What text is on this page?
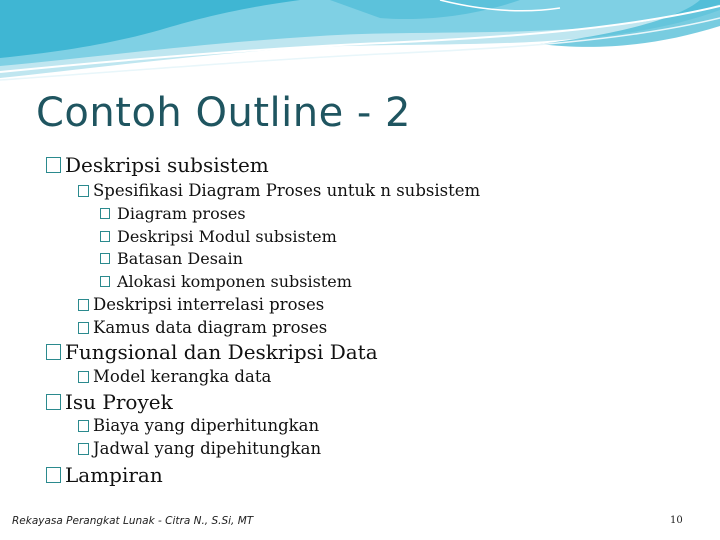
Contoh Outline - 2
Deskripsi subsistem
Spesifikasi Diagram Proses untuk n subsistem
Diagram proses
Deskripsi Modul subsistem
Batasan Desain
Alokasi komponen subsistem
Deskripsi interrelasi proses
Kamus data diagram proses
Fungsional dan Deskripsi Data
Model kerangka data
Isu Proyek
Biaya yang diperhitungkan
Jadwal yang dipehitungkan
Lampiran
Rekayasa Perangkat Lunak - Citra N., S.Si, MT	10
